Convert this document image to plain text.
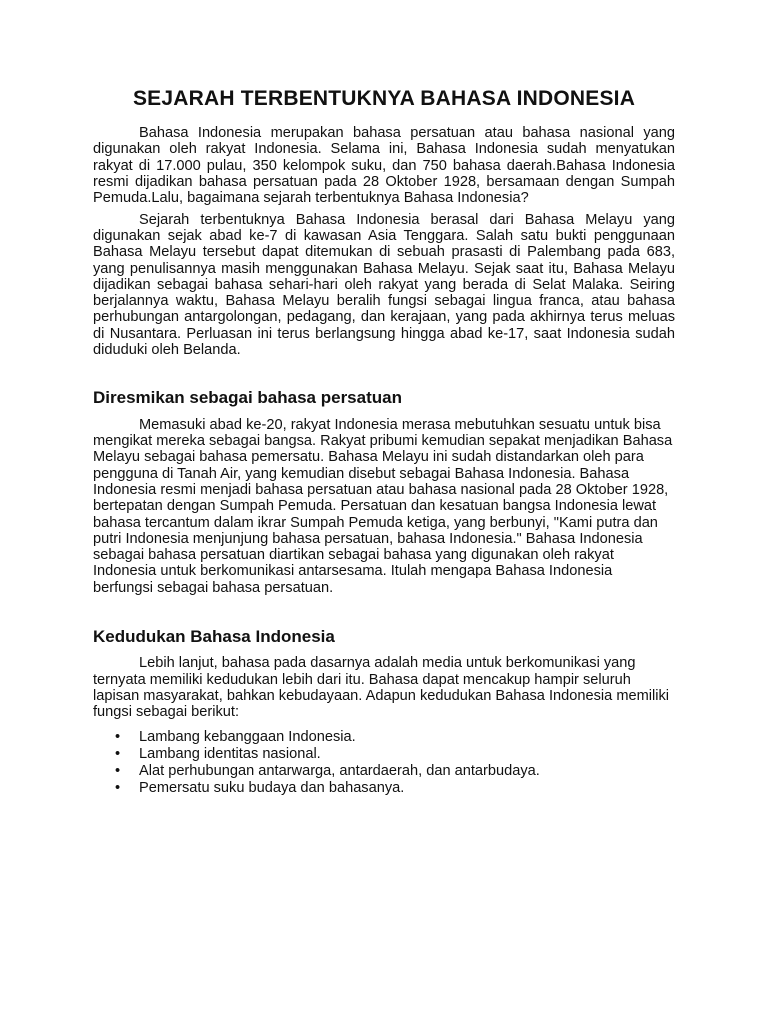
SEJARAH TERBENTUKNYA BAHASA INDONESIA

Bahasa Indonesia merupakan bahasa persatuan atau bahasa nasional yang digunakan oleh rakyat Indonesia. Selama ini, Bahasa Indonesia sudah menyatukan rakyat di 17.000 pulau, 350 kelompok suku, dan 750 bahasa daerah.Bahasa Indonesia resmi dijadikan bahasa persatuan pada 28 Oktober 1928, bersamaan dengan Sumpah Pemuda.Lalu, bagaimana sejarah terbentuknya Bahasa Indonesia?

Sejarah terbentuknya Bahasa Indonesia berasal dari Bahasa Melayu yang digunakan sejak abad ke-7 di kawasan Asia Tenggara. Salah satu bukti penggunaan Bahasa Melayu tersebut dapat ditemukan di sebuah prasasti di Palembang pada 683, yang penulisannya masih menggunakan Bahasa Melayu. Sejak saat itu, Bahasa Melayu dijadikan sebagai bahasa sehari-hari oleh rakyat yang berada di Selat Malaka. Seiring berjalannya waktu, Bahasa Melayu beralih fungsi sebagai lingua franca, atau bahasa perhubungan antargolongan, pedagang, dan kerajaan, yang pada akhirnya terus meluas di Nusantara. Perluasan ini terus berlangsung hingga abad ke-17, saat Indonesia sudah diduduki oleh Belanda.

Diresmikan sebagai bahasa persatuan

Memasuki abad ke-20, rakyat Indonesia merasa mebutuhkan sesuatu untuk bisa mengikat mereka sebagai bangsa. Rakyat pribumi kemudian sepakat menjadikan Bahasa Melayu sebagai bahasa pemersatu. Bahasa Melayu ini sudah distandarkan oleh para pengguna di Tanah Air, yang kemudian disebut sebagai Bahasa Indonesia. Bahasa Indonesia resmi menjadi bahasa persatuan atau bahasa nasional pada 28 Oktober 1928, bertepatan dengan Sumpah Pemuda. Persatuan dan kesatuan bangsa Indonesia lewat bahasa tercantum dalam ikrar Sumpah Pemuda ketiga, yang berbunyi, "Kami putra dan putri Indonesia menjunjung bahasa persatuan, bahasa Indonesia." Bahasa Indonesia sebagai bahasa persatuan diartikan sebagai bahasa yang digunakan oleh rakyat Indonesia untuk berkomunikasi antarsesama. Itulah mengapa Bahasa Indonesia berfungsi sebagai bahasa persatuan.

Kedudukan Bahasa Indonesia

Lebih lanjut, bahasa pada dasarnya adalah media untuk berkomunikasi yang ternyata memiliki kedudukan lebih dari itu. Bahasa dapat mencakup hampir seluruh lapisan masyarakat, bahkan kebudayaan. Adapun kedudukan Bahasa Indonesia memiliki fungsi sebagai berikut:

• Lambang kebanggaan Indonesia.
• Lambang identitas nasional.
• Alat perhubungan antarwarga, antardaerah, dan antarbudaya.
• Pemersatu suku budaya dan bahasanya.
